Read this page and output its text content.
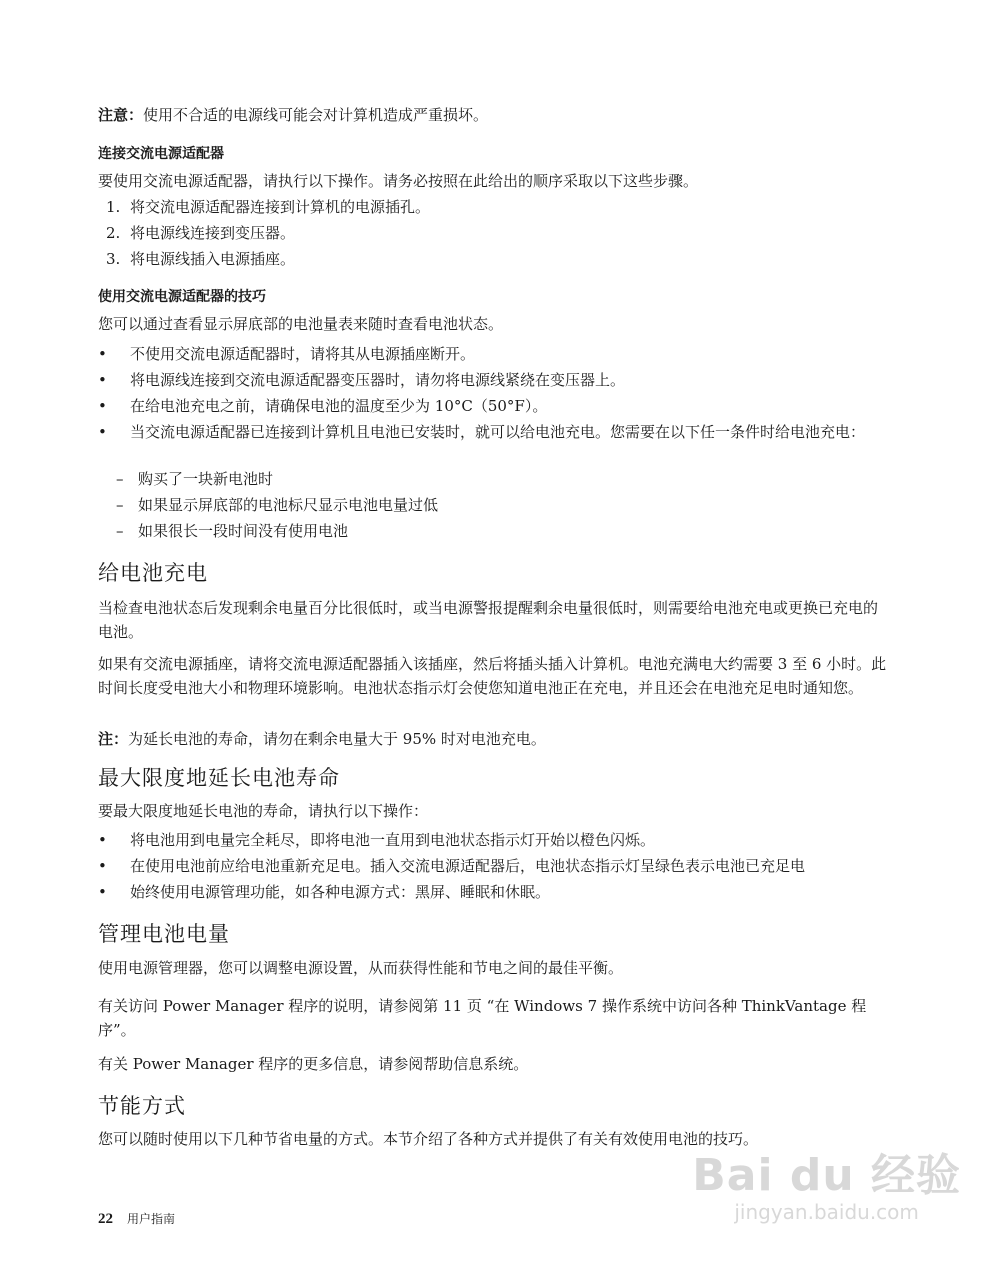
注意：使用不合适的电源线可能会对计算机造成严重损坏。

连接交流电源适配器

要使用交流电源适配器，请执行以下操作。请务必按照在此给出的顺序采取以下这些步骤。

1. 将交流电源适配器连接到计算机的电源插孔。

2. 将电源线连接到变压器。

3. 将电源线插入电源插座。

使用交流电源适配器的技巧

您可以通过查看显示屏底部的电池量表来随时查看电池状态。

• 不使用交流电源适配器时，请将其从电源插座断开。

• 将电源线连接到交流电源适配器变压器时，请勿将电源线紧绕在变压器上。

• 在给电池充电之前，请确保电池的温度至少为 10°C（50°F）。

•	当交流电源适配器已连接到计算机且电池已安装时，就可以给电池充电。您需要在以下任一条件时给电池充电：

– 购买了一块新电池时

– 如果显示屏底部的电池标尺显示电池电量过低

– 如果很长一段时间没有使用电池

给电池充电

当检查电池状态后发现剩余电量百分比很低时，或当电源警报提醒剩余电量很低时，则需要给电池充电或更换已充电的电池。

如果有交流电源插座，请将交流电源适配器插入该插座，然后将插头插入计算机。电池充满电大约需要 3 至 6 小时。此时间长度受电池大小和物理环境影响。电池状态指示灯会使您知道电池正在充电，并且还会在电池充足电时通知您。

注：为延长电池的寿命，请勿在剩余电量大于 95% 时对电池充电。

最大限度地延长电池寿命

要最大限度地延长电池的寿命，请执行以下操作：

• 将电池用到电量完全耗尽，即将电池一直用到电池状态指示灯开始以橙色闪烁。

• 在使用电池前应给电池重新充足电。插入交流电源适配器后，电池状态指示灯呈绿色表示电池已充足电

• 始终使用电源管理功能，如各种电源方式：黑屏、睡眠和休眠。

管理电池电量

使用电源管理器，您可以调整电源设置，从而获得性能和节电之间的最佳平衡。

有关访问 Power Manager 程序的说明，请参阅第 11 页 “在 Windows 7 操作系统中访问各种 ThinkVantage 程序”。

有关 Power Manager 程序的更多信息，请参阅帮助信息系统。

节能方式

您可以随时使用以下几种节省电量的方式。本节介绍了各种方式并提供了有关有效使用电池的技巧。

22 用户指南

Bai du 经验
jingyan.baidu.com
